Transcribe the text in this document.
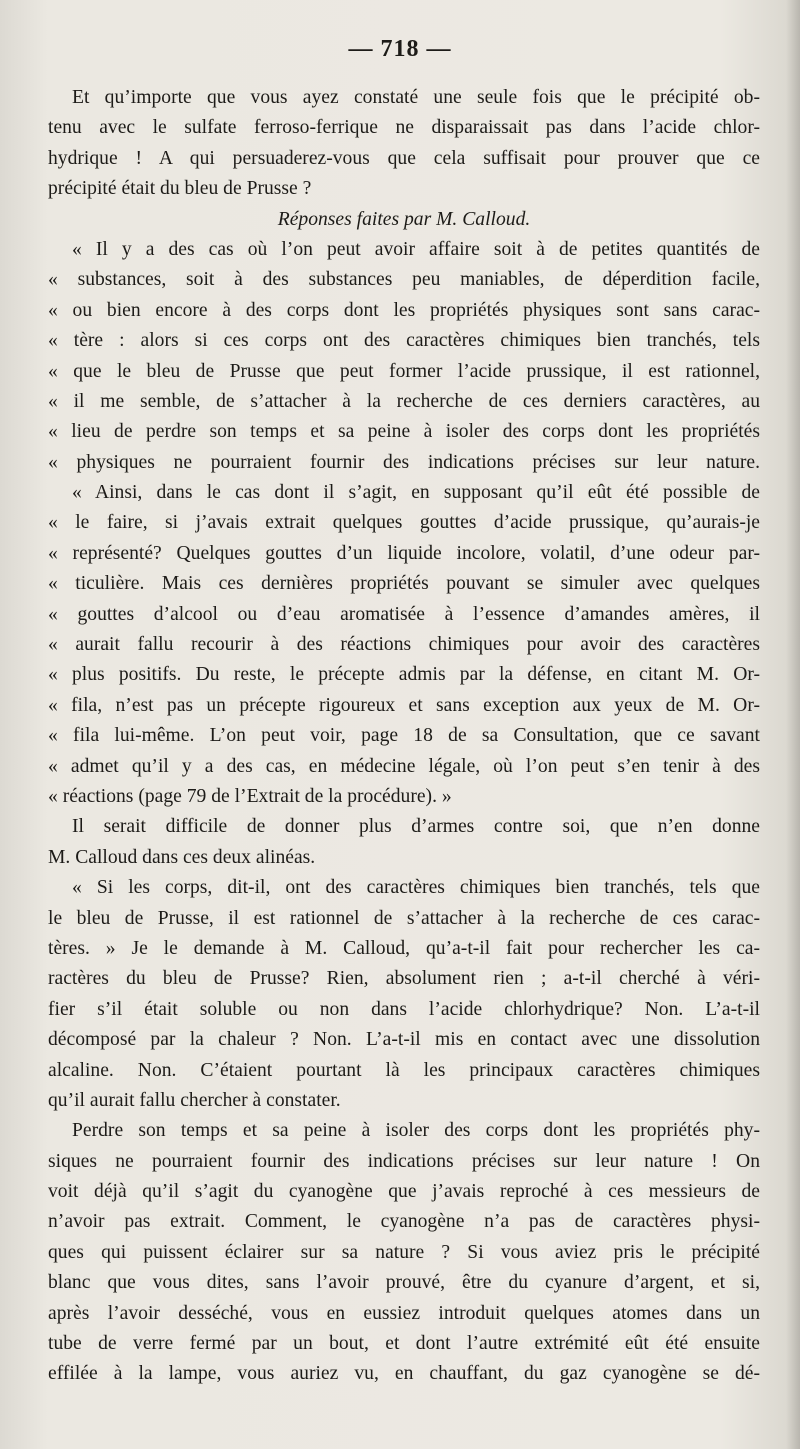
— 718 —
Et qu’importe que vous ayez constaté une seule fois que le précipité ob-
tenu avec le sulfate ferroso-ferrique ne disparaissait pas dans l’acide chlor-
hydrique ! A qui persuaderez-vous que cela suffisait pour prouver que ce
précipité était du bleu de Prusse ?
Réponses faites par M. Calloud.
« Il y a des cas où l’on peut avoir affaire soit à de petites quantités de
« substances, soit à des substances peu maniables, de déperdition facile,
« ou bien encore à des corps dont les propriétés physiques sont sans carac-
« tère : alors si ces corps ont des caractères chimiques bien tranchés, tels
« que le bleu de Prusse que peut former l’acide prussique, il est rationnel,
« il me semble, de s’attacher à la recherche de ces derniers caractères, au
« lieu de perdre son temps et sa peine à isoler des corps dont les propriétés
« physiques ne pourraient fournir des indications précises sur leur nature.
« Ainsi, dans le cas dont il s’agit, en supposant qu’il eût été possible de
« le faire, si j’avais extrait quelques gouttes d’acide prussique, qu’aurais-je
« représenté? Quelques gouttes d’un liquide incolore, volatil, d’une odeur par-
« ticulière. Mais ces dernières propriétés pouvant se simuler avec quelques
« gouttes d’alcool ou d’eau aromatisée à l’essence d’amandes amères, il
« aurait fallu recourir à des réactions chimiques pour avoir des caractères
« plus positifs. Du reste, le précepte admis par la défense, en citant M. Or-
« fila, n’est pas un précepte rigoureux et sans exception aux yeux de M. Or-
« fila lui-même. L’on peut voir, page 18 de sa Consultation, que ce savant
« admet qu’il y a des cas, en médecine légale, où l’on peut s’en tenir à des
« réactions (page 79 de l’Extrait de la procédure). »
Il serait difficile de donner plus d’armes contre soi, que n’en donne
M. Calloud dans ces deux alinéas.
« Si les corps, dit-il, ont des caractères chimiques bien tranchés, tels que
le bleu de Prusse, il est rationnel de s’attacher à la recherche de ces carac-
tères. » Je le demande à M. Calloud, qu’a-t-il fait pour rechercher les ca-
ractères du bleu de Prusse? Rien, absolument rien ; a-t-il cherché à véri-
fier s’il était soluble ou non dans l’acide chlorhydrique? Non. L’a-t-il
décomposé par la chaleur ? Non. L’a-t-il mis en contact avec une dissolution
alcaline. Non. C’étaient pourtant là les principaux caractères chimiques
qu’il aurait fallu chercher à constater.
Perdre son temps et sa peine à isoler des corps dont les propriétés phy-
siques ne pourraient fournir des indications précises sur leur nature ! On
voit déjà qu’il s’agit du cyanogène que j’avais reproché à ces messieurs de
n’avoir pas extrait. Comment, le cyanogène n’a pas de caractères physi-
ques qui puissent éclairer sur sa nature ? Si vous aviez pris le précipité
blanc que vous dites, sans l’avoir prouvé, être du cyanure d’argent, et si,
après l’avoir desséché, vous en eussiez introduit quelques atomes dans un
tube de verre fermé par un bout, et dont l’autre extrémité eût été ensuite
effilée à la lampe, vous auriez vu, en chauffant, du gaz cyanogène se dé-
